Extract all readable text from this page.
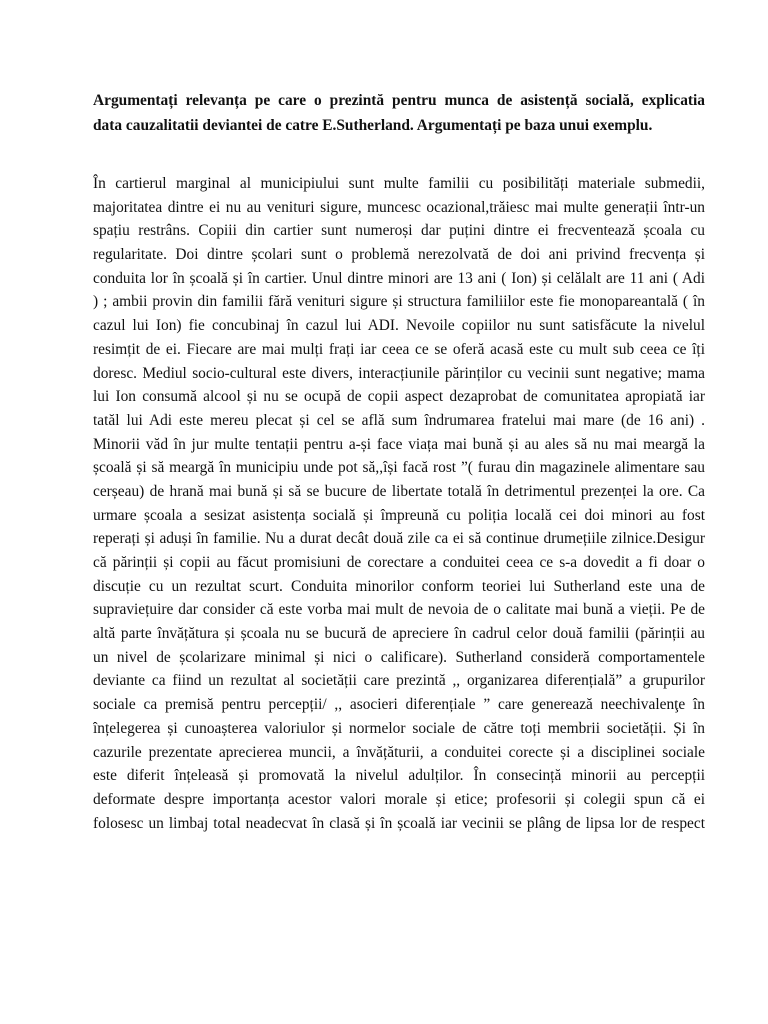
Argumentați relevanța pe care o prezintă pentru munca de asistență socială, explicatia
data cauzalitatii deviantei de catre E.Sutherland. Argumentați pe baza unui exemplu.
În cartierul marginal al municipiului sunt multe familii cu posibilități materiale submedii,
majoritatea dintre ei nu au venituri sigure, muncesc ocazional,trăiesc mai multe generații într-un
spațiu restrâns. Copiii din cartier sunt numeroși dar puțini dintre ei frecventează școala cu
regularitate. Doi dintre școlari sunt o problemă nerezolvată de doi ani privind frecvența și
conduita lor în școală și în cartier. Unul dintre minori are 13 ani ( Ion) și celălalt are 11 ani ( Adi
) ; ambii provin din familii fără venituri sigure și structura familiilor este fie monopareantală ( în
cazul lui Ion) fie concubinaj în cazul lui ADI. Nevoile copiilor nu sunt satisfăcute la nivelul
resimțit de ei. Fiecare are mai mulți frați iar ceea ce se oferă acasă este cu mult sub ceea ce îți
doresc. Mediul socio-cultural este divers, interacțiunile părinților cu vecinii sunt negative; mama
lui Ion consumă alcool și nu se ocupă de copii aspect dezaprobat de comunitatea apropiată iar
tatăl lui Adi este mereu plecat și cel se află sum îndrumarea fratelui mai mare (de 16 ani) .
Minorii văd în jur multe tentații pentru a-și face viața mai bună și au ales să nu mai meargă la
școală și să meargă în municipiu unde pot să,,își facă rost ”( furau din magazinele alimentare sau
cerșeau) de hrană mai bună și să se bucure de libertate totală în detrimentul prezenței la ore. Ca
urmare școala a sesizat asistența socială și împreună cu poliția locală cei doi minori au fost
reperați și aduși în familie. Nu a durat decât două zile ca ei să continue drumețiile zilnice.Desigur
că părinții și copii au făcut promisiuni de corectare a conduitei ceea ce s-a dovedit a fi doar o
discuție cu un rezultat scurt. Conduita minorilor conform teoriei lui Sutherland este una de
supraviețuire dar consider că este vorba mai mult de nevoia de o calitate mai bună a vieții. Pe de
altă parte învățătura și școala nu se bucură de apreciere în cadrul celor două familii (părinții au
un nivel de școlarizare minimal și nici o calificare). Sutherland consideră comportamentele
deviante ca fiind un rezultat al societății care prezintă ,, organizarea diferențială” a grupurilor
sociale ca premisă pentru percepții/ ,, asocieri diferențiale ” care generează neechivalenţe în
înțelegerea și cunoașterea valoriulor și normelor sociale de către toți membrii societății. Și în
cazurile prezentate aprecierea muncii, a învățăturii, a conduitei corecte și a disciplinei sociale
este diferit înțeleasă și promovată la nivelul adulților. În consecință minorii au percepții
deformate despre importanța acestor valori morale și etice; profesorii și colegii spun că ei
folosesc un limbaj total neadecvat în clasă și în școală iar vecinii se plâng de lipsa lor de respect
